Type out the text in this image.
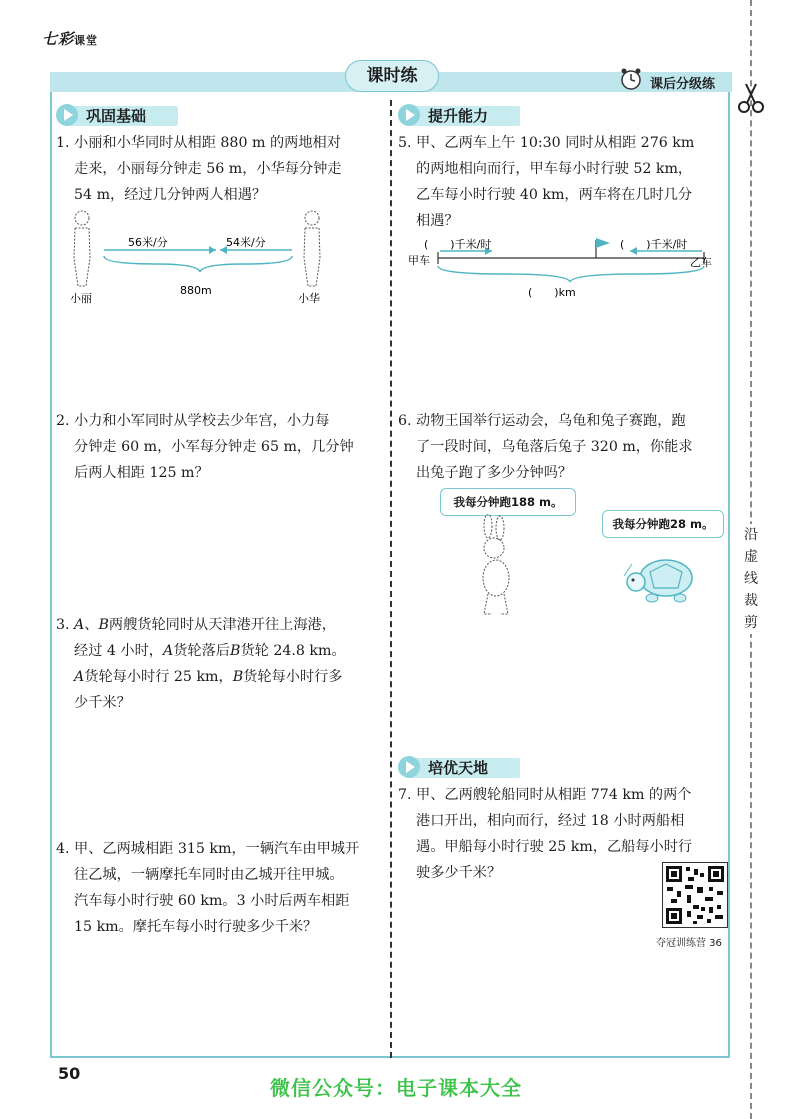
七彩课堂
课时练	课后分级练
沿虚线裁剪
巩固基础	提升能力
培优天地
1. 小丽和小华同时从相距 880 m 的两地相对
走来，小丽每分钟走 56 m，小华每分钟走
54 m，经过几分钟两人相遇？
56米/分	54米/分
880m
小丽	小华
2. 小力和小军同时从学校去少年宫，小力每
分钟走 60 m，小军每分钟走 65 m，几分钟
后两人相距 125 m？
3. A、B两艘货轮同时从天津港开往上海港，
经过 4 小时，A货轮落后B货轮 24.8 km。
A货轮每小时行 25 km，B货轮每小时行多
少千米？
4. 甲、乙两城相距 315 km，一辆汽车由甲城开
往乙城，一辆摩托车同时由乙城开往甲城。
汽车每小时行驶 60 km。3 小时后两车相距
15 km。摩托车每小时行驶多少千米？
5. 甲、乙两车上午 10:30 同时从相距 276 km
的两地相向而行，甲车每小时行驶 52 km，
乙车每小时行驶 40 km，两车将在几时几分
相遇？
(　　)千米/时	(　　)千米/时
甲车	乙车
(　　)km
6. 动物王国举行运动会，乌龟和兔子赛跑，跑
了一段时间，乌龟落后兔子 320 m，你能求
出兔子跑了多少分钟吗？
我每分钟跑188 m。
我每分钟跑28 m。
7. 甲、乙两艘轮船同时从相距 774 km 的两个
港口开出，相向而行，经过 18 小时两船相
遇。甲船每小时行驶 25 km，乙船每小时行
驶多少千米？
夺冠训练营 36
50
微信公众号：电子课本大全
